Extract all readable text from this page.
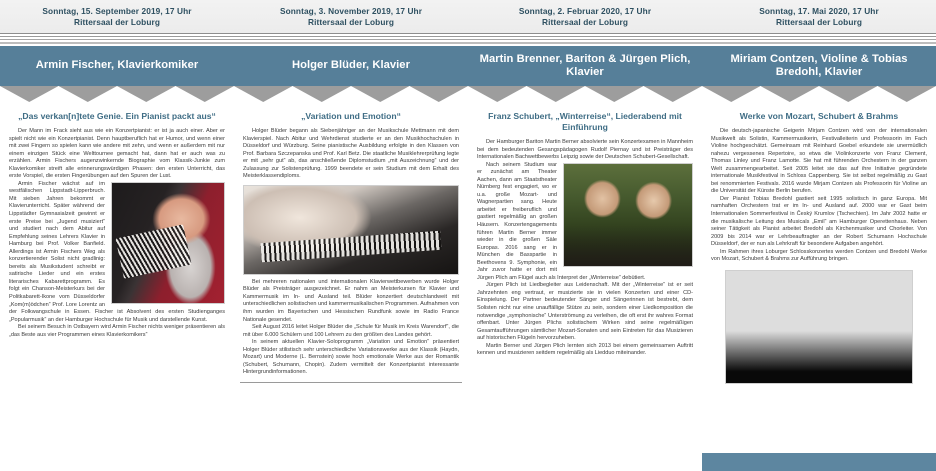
Sonntag, 15. September 2019, 17 Uhr
Rittersaal der Loburg
Armin Fischer, Klavierkomiker
„Das verkan[n]tete Genie. Ein Pianist packt aus“

Der Mann im Frack sieht aus wie ein Konzertpianist: er ist ja auch einer. Aber er spielt nicht wie ein Konzertpianist. Denn hauptberuflich hat er Humor, und wenn einer mit zwei Fingern so spielen kann wie andere mit zehn, und wenn er außerdem mit nur einem einzigen Stück eine Welttournee gemacht hat, dann hat er auch was zu erzählen. Armin Fischers augenzwinkernde Biographie vom Klassik-Junkie zum Klavierkomiker streift alle erinnerungswürdigen Phasen: den ersten Unterricht, das erste Vorspiel, die ersten Fingerübungen auf den Spuren der Lust.

Armin Fischer wächst auf im westfälischen Lippstadt-Lipperbruch. Mit sieben Jahren bekommt er Klavierunterricht. Später während der Lippstädter Gymnasialzeit gewinnt er erste Preise bei „Jugend musiziert“ und studiert nach dem Abitur auf Empfehlung seines Lehrers Klavier in Hamburg bei Prof. Volker Banfield. Allerdings ist Armin Fischers Weg als konzertierender Solist nicht gradlinig: bereits als Musikstudent schreibt er satirische Lieder und ein erstes literarisches Kabarettprogramm. Es folgt ein Chanson-Meisterkurs bei der Politkabarett-Ikone vom Düsseldorfer „Kom(m)ödchen“ Prof. Lore Lorentz an der Folkwangschule in Essen. Fischer ist Absolvent des ersten Studienganges „Popularmusik“ an der Hamburger Hochschule für Musik und darstellende Kunst.

Bei seinem Besuch in Ostbayern wird Armin Fischer nichts weniger präsentieren als „das Beste aus vier Programmen eines Klavierkomikers“

Sonntag, 3. November 2019, 17 Uhr
Rittersaal der Loburg
Holger Blüder, Klavier
„Variation und Emotion“

Holger Blüder begann als Siebenjähriger an der Musikschule Mettmann mit dem Klavierspiel. Nach Abitur und Wehrdienst studierte er an den Musikhochschulen in Düsseldorf und Würzburg. Seine pianistische Ausbildung erfolgte in den Klassen von Prof. Barbara Szczepanska und Prof. Karl Betz. Die staatliche Musiklehrerprüfung legte er mit „sehr gut“ ab, das anschließende Diplomstudium „mit Auszeichnung“ und der Zulassung zur Solistenprüfung. 1999 beendete er sein Studium mit dem Erhalt des Meisterklassendiploms.

Bei mehreren nationalen und internationalen Klavierwettbewerben wurde Holger Blüder als Preisträger ausgezeichnet. Er nahm an Meisterkursen für Klavier und Kammermusik im In- und Ausland teil. Blüder konzertiert deutschlandweit mit unterschiedlichen solistischen und kammermusikalischen Programmen. Aufnahmen von ihm wurden im Bayerischen und Hessischen Rundfunk sowie im Radio France Nationale gesendet.

Seit August 2016 leitet Holger Blüder die „Schule für Musik im Kreis Warendorf“, die mit über 6.000 Schülern und 100 Lehrern zu den größten des Landes gehört.

In seinem aktuellen Klavier-Soloprogramm „Variation und Emotion“ präsentiert Holger Blüder stilistisch sehr unterschiedliche Variationswerke aus der Klassik (Haydn, Mozart) und Moderne (L. Bernstein) sowie hoch emotionale Werke aus der Romantik (Schubert, Schumann, Chopin). Zudem vermittelt der Konzertpianist interessante Hintergrundinformationen.

Sonntag, 2. Februar 2020, 17 Uhr
Rittersaal der Loburg
Martin Brenner, Bariton & Jürgen Plich, Klavier
Franz Schubert, „Winterreise“, Liederabend mit Einführung

Der Hamburger Bariton Martin Berner absolvierte sein Konzertexamen in Mannheim bei dem bedeutenden Gesangspädagogen Rudolf Piernay und ist Preisträger des Internationalen Bachwettbewerbs Leipzig sowie der Deutschen Schubert-Gesellschaft.

Nach seinem Studium war er zunächst am Theater Aachen, dann am Staatstheater Nürnberg fest engagiert, wo er u.a. große Mozart- und Wagnerpartien sang. Heute arbeitet er freiberuflich und gastiert regelmäßig an großen Häusern. Konzertengagements führen Martin Berner immer wieder in die großen Säle Europas. 2016 sang er in München die Basspartie in Beethovens 9. Symphonie, ein Jahr zuvor hatte er dort mit Jürgen Plich am Flügel auch als Interpret der „Winterreise“ debütiert.

Jürgen Plich ist Liedbegleiter aus Leidenschaft. Mit der „Winterreise“ ist er seit Jahrzehnten eng vertraut, er musizierte sie in vielen Konzerten und einer CD-Einspielung. Der Partner bedeutender Sänger und Sängerinnen ist bestrebt, dem Solisten nicht nur eine unauffällige Stütze zu sein, sondern einer Liedkomposition die notwendige „symphonische“ Unterströmung zu verleihen, die oft erst ihr wahres Format offenbart. Unter Jürgen Plichs solistischem Wirken sind seine regelmäßigen Gesamtaufführungen sämtlicher Mozart-Sonaten und sein Eintreten für das Musizieren auf historischen Flügeln hervorzuheben.

Martin Berner und Jürgen Plich lernten sich 2013 bei einem gemeinsamen Auftritt kennen und musizieren seitdem regelmäßig als Liedduo miteinander.

Sonntag, 17. Mai 2020, 17 Uhr
Rittersaal der Loburg
Miriam Contzen, Violine & Tobias Bredohl, Klavier
Werke von Mozart, Schubert & Brahms

Die deutsch-japanische Geigerin Mirjam Contzen wird von der internationalen Musikwelt als Solistin, Kammermusikerin, Festivalleiterin und Professorin im Fach Violine hochgeschätzt. Gemeinsam mit Reinhard Goebel erkundete sie unermüdlich nahezu vergessenes Repertoire, so etwa die Violinkonzerte von Franz Clement, Thomas Linley und Franz Lamotte. Sie hat mit führenden Orchestern in der ganzen Welt zusammengearbeitet. Seit 2005 leitet sie das auf ihre Initiative gegründete internationale Musikfestival in Schloss Cappenberg. Sie ist selbst regelmäßig zu Gast bei renommierten Festivals. 2016 wurde Mirjam Contzen als Professorin für Violine an die Universität der Künste Berlin berufen.

Der Pianist Tobias Bredohl gastiert seit 1995 solistisch in ganz Europa. Mit namhaften Orchestern trat er im In- und Ausland auf. 2000 war er Gast beim Internationalen Sommerfestival in Český Krumlov (Tschechien). Im Jahr 2002 hatte er die musikalische Leitung des Musicals „Emil“ am Hamburger Operettenhaus. Neben seiner Tätigkeit als Pianist arbeitet Bredohl als Kirchenmusiker und Chorleiter. Von 2009 bis 2014 war er Lehrbeauftragter an der Robert Schumann Hochschule Düsseldorf, der er nun als Lehrkraft für besondere Aufgaben angehört.

Im Rahmen ihres Loburger Schlosskonzertes werden Contzen und Bredohl Werke von Mozart, Schubert & Brahms zur Aufführung bringen.
